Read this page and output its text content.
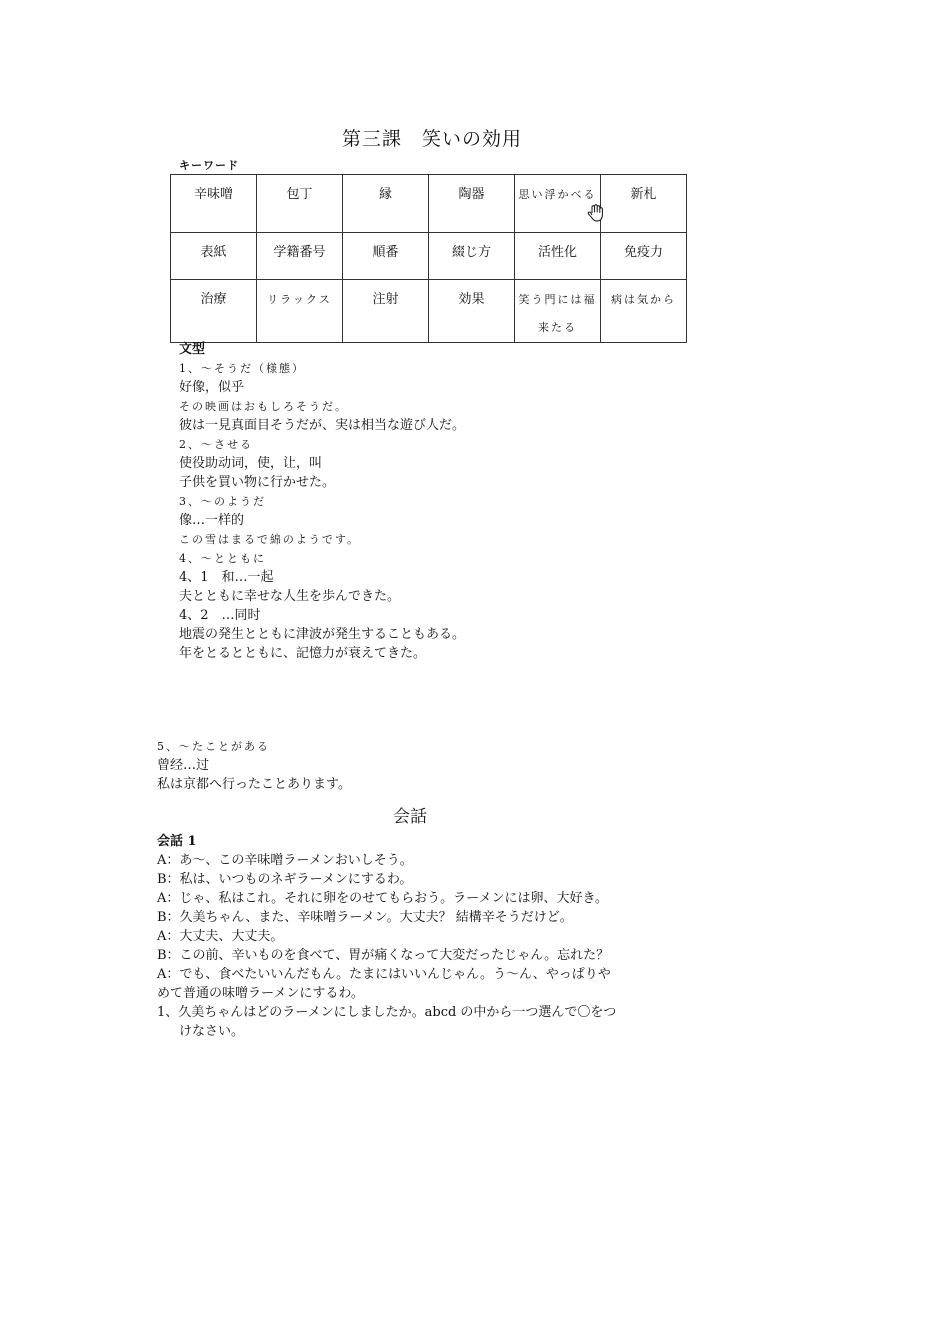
第三課　笑いの効用
キーワード
辛味噌	包丁	縁	陶器	思い浮かべる	新札
表紙	学籍番号	順番	綴じ方	活性化	免疫力
治療	リラックス	注射	効果	笑う門には福来たる	病は気から
文型
1、～そうだ（様態）
好像，似乎
その映画はおもしろそうだ。
彼は一見真面目そうだが、実は相当な遊び人だ。
2、～させる
使役助动词，使，让，叫
子供を買い物に行かせた。
3、～のようだ
像…一样的
この雪はまるで綿のようです。
4、～とともに
4、1　和…一起
夫とともに幸せな人生を歩んできた。
4、2　…同时
地震の発生とともに津波が発生することもある。
年をとるとともに、記憶力が衰えてきた。
5、～たことがある
曾经…过
私は京都へ行ったことあります。
会話
会話 1
A：あ～、この辛味噌ラーメンおいしそう。
B：私は、いつものネギラーメンにするわ。
A：じゃ、私はこれ。それに卵をのせてもらおう。ラーメンには卵、大好き。
B：久美ちゃん、また、辛味噌ラーメン。大丈夫？ 結構辛そうだけど。
A：大丈夫、大丈夫。
B：この前、辛いものを食べて、胃が痛くなって大変だったじゃん。忘れた？
A：でも、食べたいいんだもん。たまにはいいんじゃん。う～ん、やっぱりや
めて普通の味噌ラーメンにするわ。
1、久美ちゃんはどのラーメンにしましたか。abcd の中から一つ選んで〇をつ
けなさい。
